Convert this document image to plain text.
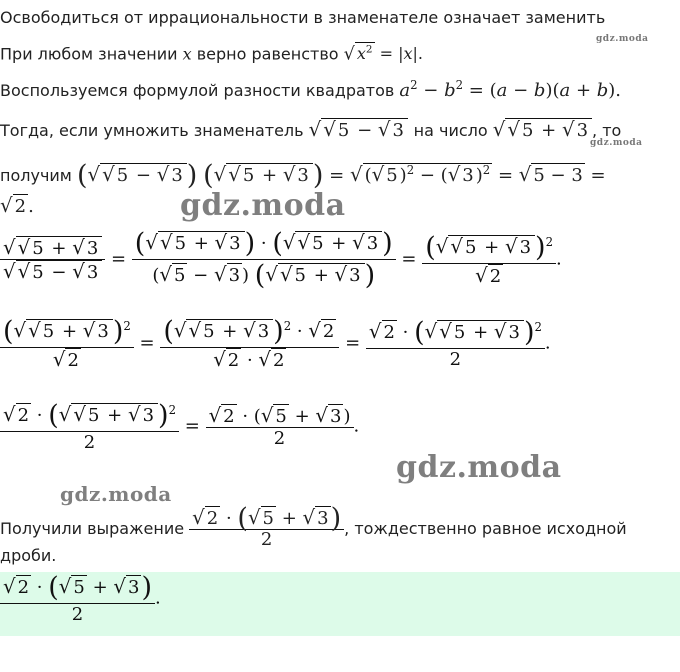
Освободиться от иррациональности в знаменателе означает заменить
При любом значении x верно равенство √ $x^2 = |x|$.
gdz.moda
Воспользуемся формулой разности квадратов $a^2 - b^2 = (a - b)(a + b)$.
Тогда, если умножить знаменатель √ √ 5 − √ 3 на число √ √ 5 + √ 3 , то
gdz.moda
получим (√ √ 5 − √ 3 ) (√ √ 5 + √ 3 ) = √ (√ 5 )$^2$ − (√ 3 )$^2$ = √ 5 − 3 =
√ 2 .	gdz.moda
$\frac{√ √ 5 + √ 3}{√ √ 5 - √ 3} = \frac{(√ √ 5 + √ 3 ) \cdot (√ √ 5 + √ 3 )}{(√ 5 - √ 3 ) (√ √ 5 + √ 3 )} = \frac{(√ √ 5 + √ 3 )^2}{√ 2}$ .
$\frac{(√ √ 5 + √ 3 )^2}{√ 2} = \frac{(√ √ 5 + √ 3 )^2 \cdot √ 2}{√ 2 \cdot √ 2} = \frac{√ 2 \cdot (√ √ 5 + √ 3 )^2}{2}$ .
$\frac{√ 2 \cdot (√ √ 5 + √ 3 )^2}{2} = \frac{√ 2 \cdot (√ 5 + √ 3 )}{2}$ .
gdz.moda
gdz.moda
Получили выражение $\frac{√ 2 \cdot (√ 5 + √ 3)}{2}$ , тождественно равное исходной
дроби.
$\frac{√ 2 \cdot (√ 5 + √ 3)}{2}$ .
